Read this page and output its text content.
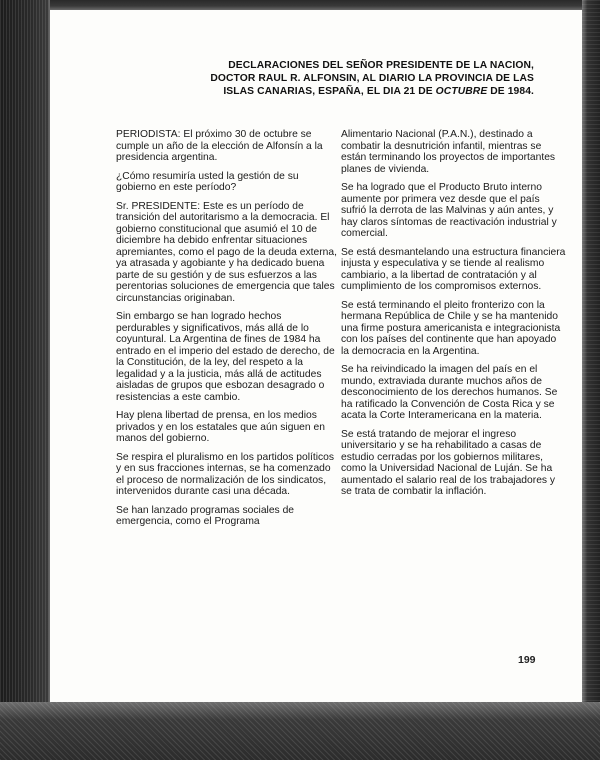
DECLARACIONES DEL SEÑOR PRESIDENTE DE LA NACION,
DOCTOR RAUL R. ALFONSIN, AL DIARIO LA PROVINCIA DE LAS
ISLAS CANARIAS, ESPAÑA, EL DIA 21 DE OCTUBRE DE 1984.

PERIODISTA: El próximo 30 de octubre se cumple un año de la elección de Alfonsín a la presidencia argentina.

¿Cómo resumiría usted la gestión de su gobierno en este período?

Sr. PRESIDENTE: Este es un período de transición del autoritarismo a la democracia. El gobierno constitucional que asumió el 10 de diciembre ha debido enfrentar situaciones apremiantes, como el pago de la deuda externa, ya atrasada y agobiante y ha dedicado buena parte de su gestión y de sus esfuerzos a las perentorias soluciones de emergencia que tales circunstancias originaban.

Sin embargo se han logrado hechos perdurables y significativos, más allá de lo coyuntural. La Argentina de fines de 1984 ha entrado en el imperio del estado de derecho, de la Constitución, de la ley, del respeto a la legalidad y a la justicia, más allá de actitudes aisladas de grupos que esbozan desagrado o resistencias a este cambio.

Hay plena libertad de prensa, en los medios privados y en los estatales que aún siguen en manos del gobierno.

Se respira el pluralismo en los partidos políticos y en sus fracciones internas, se ha comenzado el proceso de normalización de los sindicatos, intervenidos durante casi una década.

Se han lanzado programas sociales de emergencia, como el Programa

Alimentario Nacional (P.A.N.), destinado a combatir la desnutrición infantil, mientras se están terminando los proyectos de importantes planes de vivienda.

Se ha logrado que el Producto Bruto interno aumente por primera vez desde que el país sufrió la derrota de las Malvinas y aún antes, y hay claros síntomas de reactivación industrial y comercial.

Se está desmantelando una estructura financiera injusta y especulativa y se tiende al realismo cambiario, a la libertad de contratación y al cumplimiento de los compromisos externos.

Se está terminando el pleito fronterizo con la hermana República de Chile y se ha mantenido una firme postura americanista e integracionista con los países del continente que han apoyado la democracia en la Argentina.

Se ha reivindicado la imagen del país en el mundo, extraviada durante muchos años de desconocimiento de los derechos humanos. Se ha ratificado la Convención de Costa Rica y se acata la Corte Interamericana en la materia.

Se está tratando de mejorar el ingreso universitario y se ha rehabilitado a casas de estudio cerradas por los gobiernos militares, como la Universidad Nacional de Luján. Se ha aumentado el salario real de los trabajadores y se trata de combatir la inflación.

199
